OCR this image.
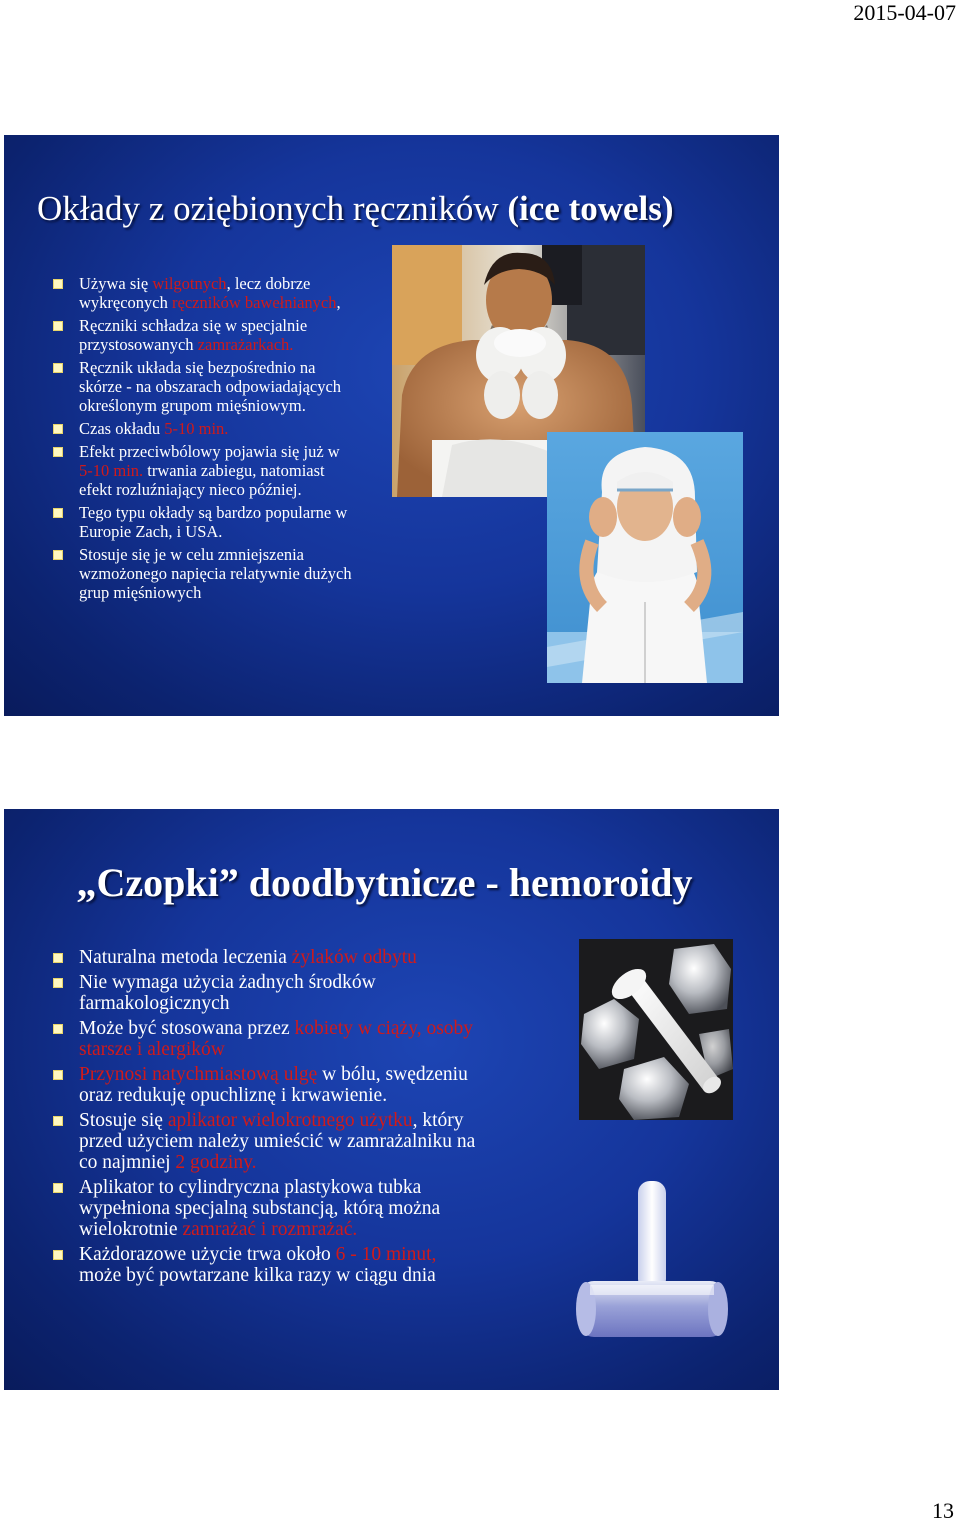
2015-04-07
Okłady z oziębionych ręczników (ice towels)
Używa się wilgotnych, lecz dobrze wykręconych ręczników bawełnianych,
Ręczniki schładza się w specjalnie przystosowanych zamrażarkach.
Ręcznik układa się bezpośrednio na skórze - na obszarach odpowiadających określonym grupom mięśniowym.
Czas okładu 5-10 min.
Efekt przeciwbólowy pojawia się już w 5-10 min. trwania zabiegu, natomiast efekt rozluźniający nieco później.
Tego typu okłady są bardzo popularne w Europie Zach, i USA.
Stosuje się je w celu zmniejszenia wzmożonego napięcia relatywnie dużych grup mięśniowych
„Czopki” doodbytnicze - hemoroidy
Naturalna metoda leczenia żylaków odbytu
Nie wymaga użycia żadnych środków farmakologicznych
Może być stosowana przez kobiety w ciąży, osoby starsze i alergików
Przynosi natychmiastową ulgę w bólu, swędzeniu oraz redukuję opuchliznę i krwawienie.
Stosuje się aplikator wielokrotnego użytku, który przed użyciem należy umieścić w zamrażalniku na co najmniej 2 godziny.
Aplikator to cylindryczna plastykowa tubka wypełniona specjalną substancją, którą można wielokrotnie zamrażać i rozmrażać.
Każdorazowe użycie trwa około 6 - 10 minut, może być powtarzane kilka razy w ciągu dnia
13
